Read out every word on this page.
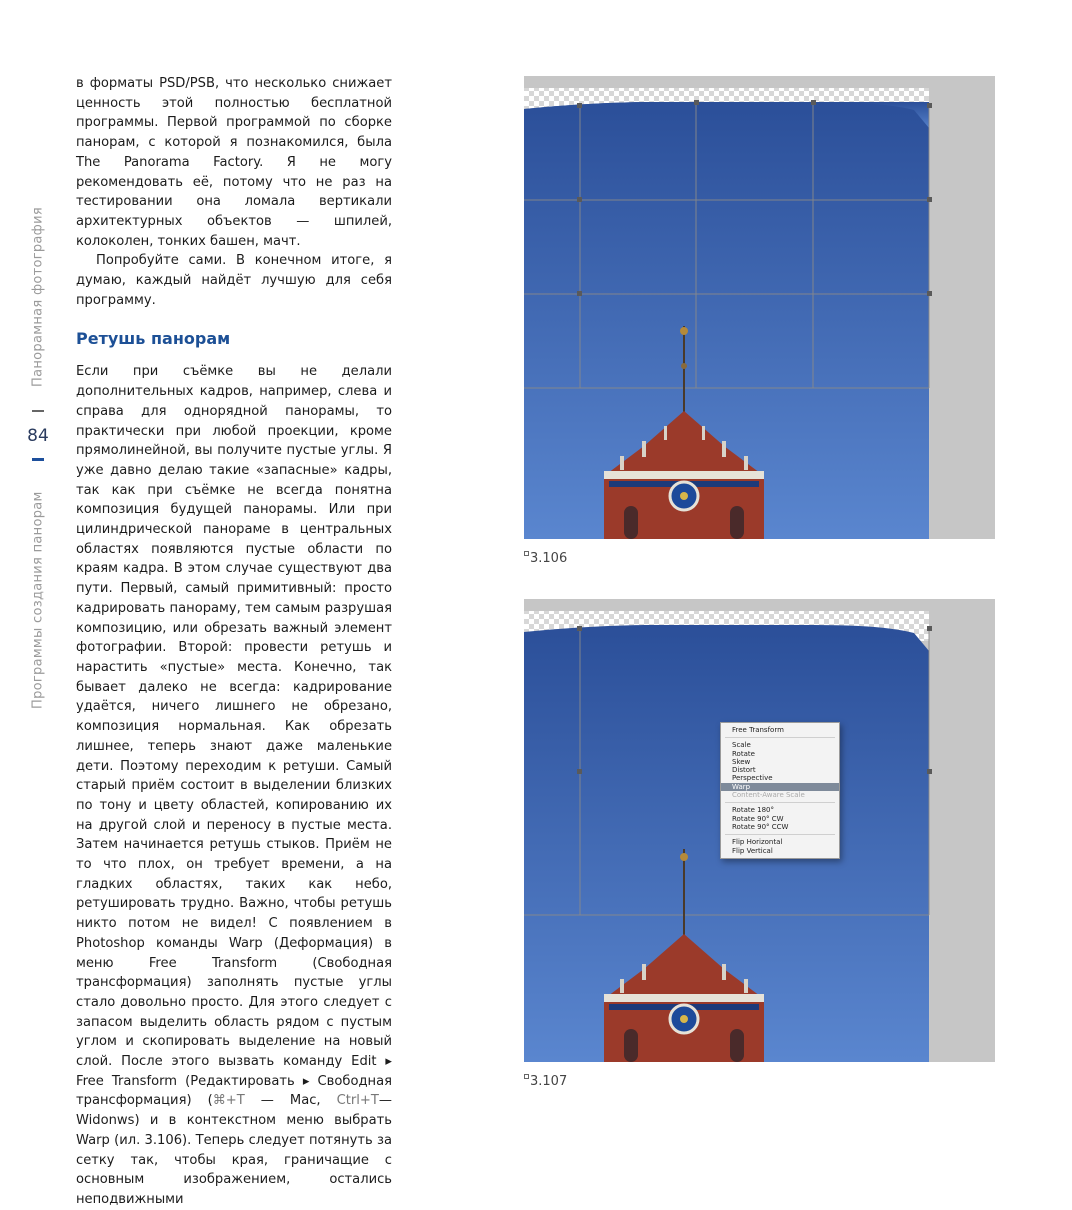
Панорамная фотография
84
Программы создания панорам

в форматы PSD/PSB, что несколько снижает ценность этой полностью бесплатной программы. Первой программой по сборке панорам, с которой я познакомился, была The Panorama Factory. Я не могу рекомендовать её, потому что не раз на тестировании она ломала вертикали архитектурных объектов — шпилей, колоколен, тонких башен, мачт.

Попробуйте сами. В конечном итоге, я думаю, каждый найдёт лучшую для себя программу.

Ретушь панорам

Если при съёмке вы не делали дополнительных кадров, например, слева и справа для однорядной панорамы, то практически при любой проекции, кроме прямолинейной, вы получите пустые углы. Я уже давно делаю такие «запасные» кадры, так как при съёмке не всегда понятна композиция будущей панорамы. Или при цилиндрической панораме в центральных областях появляются пустые области по краям кадра. В этом случае существуют два пути. Первый, самый примитивный: просто кадрировать панораму, тем самым разрушая композицию, или обрезать важный элемент фотографии. Второй: провести ретушь и нарастить «пустые» места. Конечно, так бывает далеко не всегда: кадрирование удаётся, ничего лишнего не обрезано, композиция нормальная. Как обрезать лишнее, теперь знают даже маленькие дети. Поэтому переходим к ретуши. Самый старый приём состоит в выделении близких по тону и цвету областей, копированию их на другой слой и переносу в пустые места. Затем начинается ретушь стыков. Приём не то что плох, он требует времени, а на гладких областях, таких как небо, ретушировать трудно. Важно, чтобы ретушь никто потом не видел! С появлением в Photoshop команды Warp (Деформация) в меню Free Transform (Свободная трансформация) заполнять пустые углы стало довольно просто. Для этого следует с запасом выделить область рядом с пустым углом и скопировать выделение на новый слой. После этого вызвать команду Edit ▸ Free Transform (Редактировать ▸ Свободная трансформация) (⌘+T — Mac, Ctrl+T— Widonws) и в контекстном меню выбрать Warp (ил. 3.106). Теперь следует потянуть за сетку так, чтобы края, граничащие с основным изображением, остались неподвижными

3.106
Free Transform
Scale
Rotate
Skew
Distort
Perspective
Warp
Content-Aware Scale
Rotate 180°
Rotate 90° CW
Rotate 90° CCW
Flip Horizontal
Flip Vertical
3.107
